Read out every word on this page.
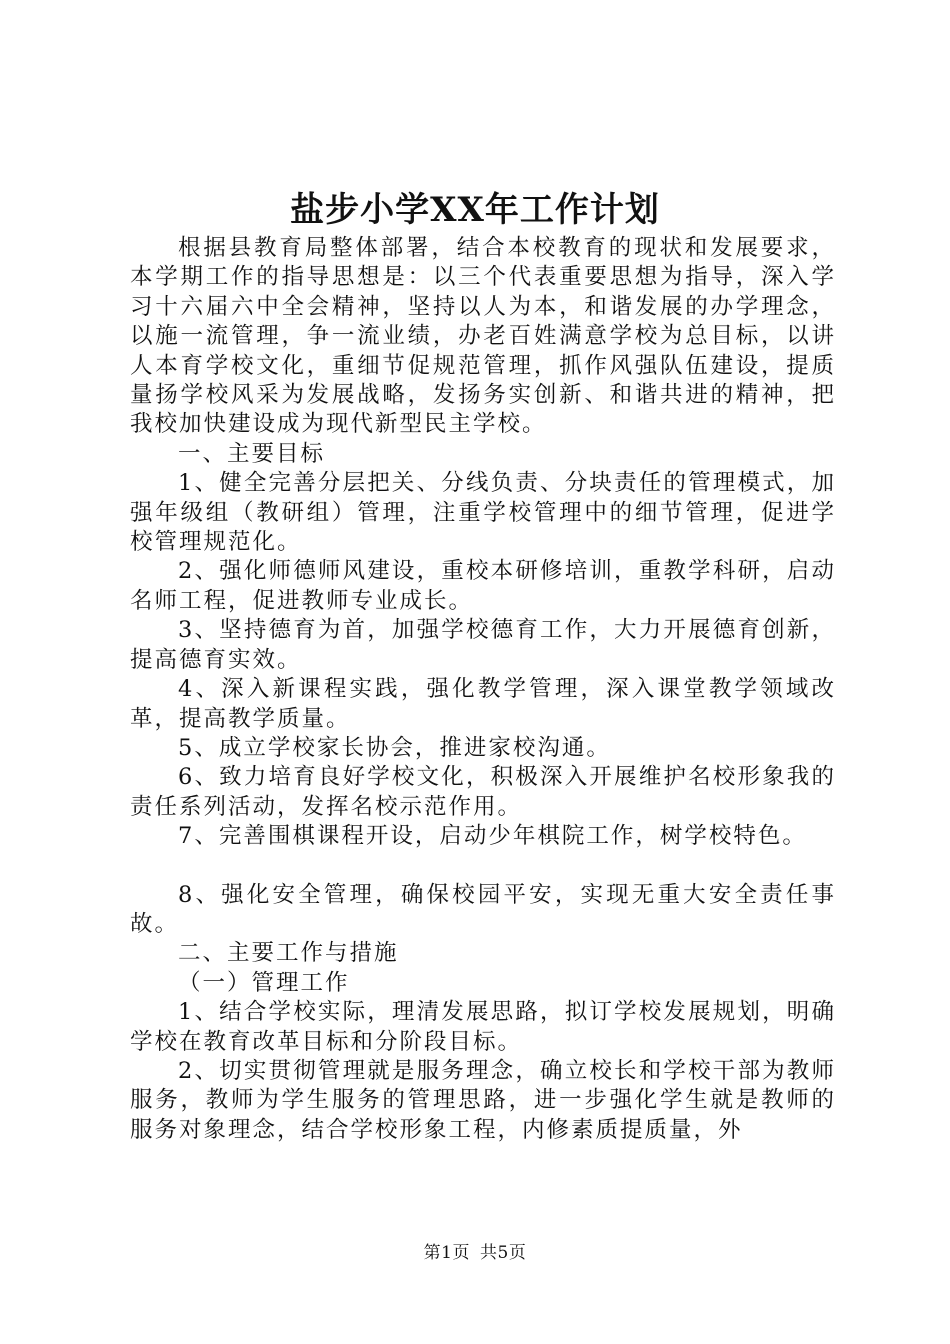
盐步小学XX年工作计划

根据县教育局整体部署，结合本校教育的现状和发展要求，本学期工作的指导思想是：以三个代表重要思想为指导，深入学习十六届六中全会精神，坚持以人为本，和谐发展的办学理念，以施一流管理，争一流业绩，办老百姓满意学校为总目标，以讲人本育学校文化，重细节促规范管理，抓作风强队伍建设，提质量扬学校风采为发展战略，发扬务实创新、和谐共进的精神，把我校加快建设成为现代新型民主学校。

一、主要目标

1、健全完善分层把关、分线负责、分块责任的管理模式，加强年级组（教研组）管理，注重学校管理中的细节管理，促进学校管理规范化。

2、强化师德师风建设，重校本研修培训，重教学科研，启动名师工程，促进教师专业成长。

3、坚持德育为首，加强学校德育工作，大力开展德育创新，提高德育实效。

4、深入新课程实践，强化教学管理，深入课堂教学领域改革，提高教学质量。

5、成立学校家长协会，推进家校沟通。

6、致力培育良好学校文化，积极深入开展维护名校形象我的责任系列活动，发挥名校示范作用。

7、完善围棋课程开设，启动少年棋院工作，树学校特色。

8、强化安全管理，确保校园平安，实现无重大安全责任事故。

二、主要工作与措施

（一）管理工作

1、结合学校实际，理清发展思路，拟订学校发展规划，明确学校在教育改革目标和分阶段目标。

2、切实贯彻管理就是服务理念，确立校长和学校干部为教师服务，教师为学生服务的管理思路，进一步强化学生就是教师的服务对象理念，结合学校形象工程，内修素质提质量，外

第1页 共5页
